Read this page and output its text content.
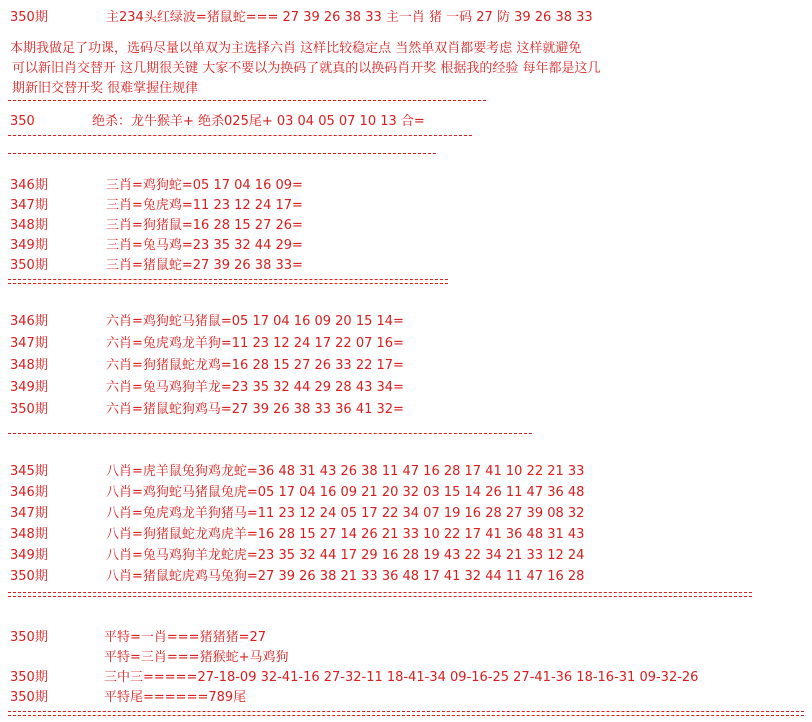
350期	主234头红绿波=猪鼠蛇=== 27 39 26 38 33 主一肖 猪 一码 27 防 39 26 38 33
本期我做足了功课，选码尽量以单双为主选择六肖 这样比较稳定点 当然单双肖都要考虑 这样就避免
可以新旧肖交替开 这几期很关键 大家不要以为换码了就真的以换码肖开奖 根据我的经验 每年都是这几
期新旧交替开奖 很难掌握住规律
350	绝杀：龙牛猴羊+ 绝杀025尾+ 03 04 05 07 10 13 合=
346期	三肖=鸡狗蛇=05 17 04 16 09=
347期	三肖=兔虎鸡=11 23 12 24 17=
348期	三肖=狗猪鼠=16 28 15 27 26=
349期	三肖=兔马鸡=23 35 32 44 29=
350期	三肖=猪鼠蛇=27 39 26 38 33=
346期	六肖=鸡狗蛇马猪鼠=05 17 04 16 09 20 15 14=
347期	六肖=兔虎鸡龙羊狗=11 23 12 24 17 22 07 16=
348期	六肖=狗猪鼠蛇龙鸡=16 28 15 27 26 33 22 17=
349期	六肖=兔马鸡狗羊龙=23 35 32 44 29 28 43 34=
350期	六肖=猪鼠蛇狗鸡马=27 39 26 38 33 36 41 32=
345期	八肖=虎羊鼠兔狗鸡龙蛇=36 48 31 43 26 38 11 47 16 28 17 41 10 22 21 33
346期	八肖=鸡狗蛇马猪鼠兔虎=05 17 04 16 09 21 20 32 03 15 14 26 11 47 36 48
347期	八肖=兔虎鸡龙羊狗猪马=11 23 12 24 05 17 22 34 07 19 16 28 27 39 08 32
348期	八肖=狗猪鼠蛇龙鸡虎羊=16 28 15 27 14 26 21 33 10 22 17 41 36 48 31 43
349期	八肖=兔马鸡狗羊龙蛇虎=23 35 32 44 17 29 16 28 19 43 22 34 21 33 12 24
350期	八肖=猪鼠蛇虎鸡马兔狗=27 39 26 38 21 33 36 48 17 41 32 44 11 47 16 28
350期	平特=一肖===猪猪猪=27
平特=三肖===猪猴蛇+马鸡狗
350期	三中三=====27-18-09 32-41-16 27-32-11 18-41-34 09-16-25 27-41-36 18-16-31 09-32-26
350期	平特尾======789尾
